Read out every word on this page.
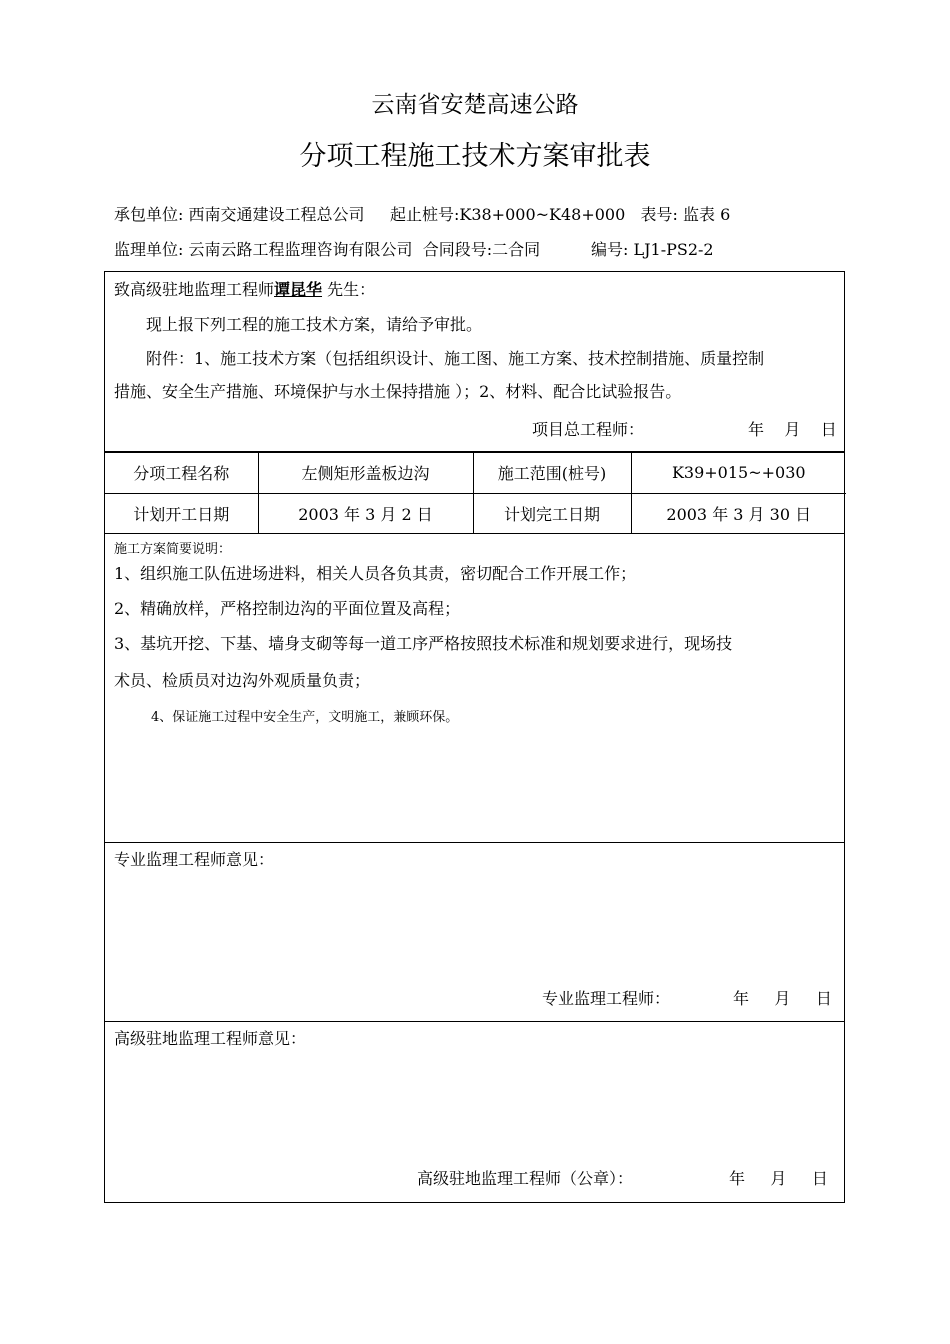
云南省安楚高速公路
分项工程施工技术方案审批表
承包单位: 西南交通建设工程总公司 起止桩号:K38+000~K48+000 表号: 监表 6
监理单位: 云南云路工程监理咨询有限公司 合同段号:二合同	编号: LJ1-PS2-2
致高级驻地监理工程师谭昆华 先生：
现上报下列工程的施工技术方案，请给予审批。
附件：1、施工技术方案（包括组织设计、施工图、施工方案、技术控制措施、质量控制
措施、安全生产措施、环境保护与水土保持措施 ）；2、材料、配合比试验报告。
项目总工程师：	年    月    日
分项工程名称	左侧矩形盖板边沟	施工范围(桩号)	K39+015~+030
计划开工日期	2003 年 3 月 2 日	计划完工日期	2003 年 3 月 30 日
施工方案简要说明：
1、组织施工队伍进场进料，相关人员各负其责，密切配合工作开展工作；
2、精确放样，严格控制边沟的平面位置及高程；
3、基坑开挖、下基、墙身支砌等每一道工序严格按照技术标准和规划要求进行，现场技
术员、检质员对边沟外观质量负责；
4、保证施工过程中安全生产，文明施工，兼顾环保。
专业监理工程师意见：
专业监理工程师：	年     月     日
高级驻地监理工程师意见：
高级驻地监理工程师（公章）：	年     月     日
